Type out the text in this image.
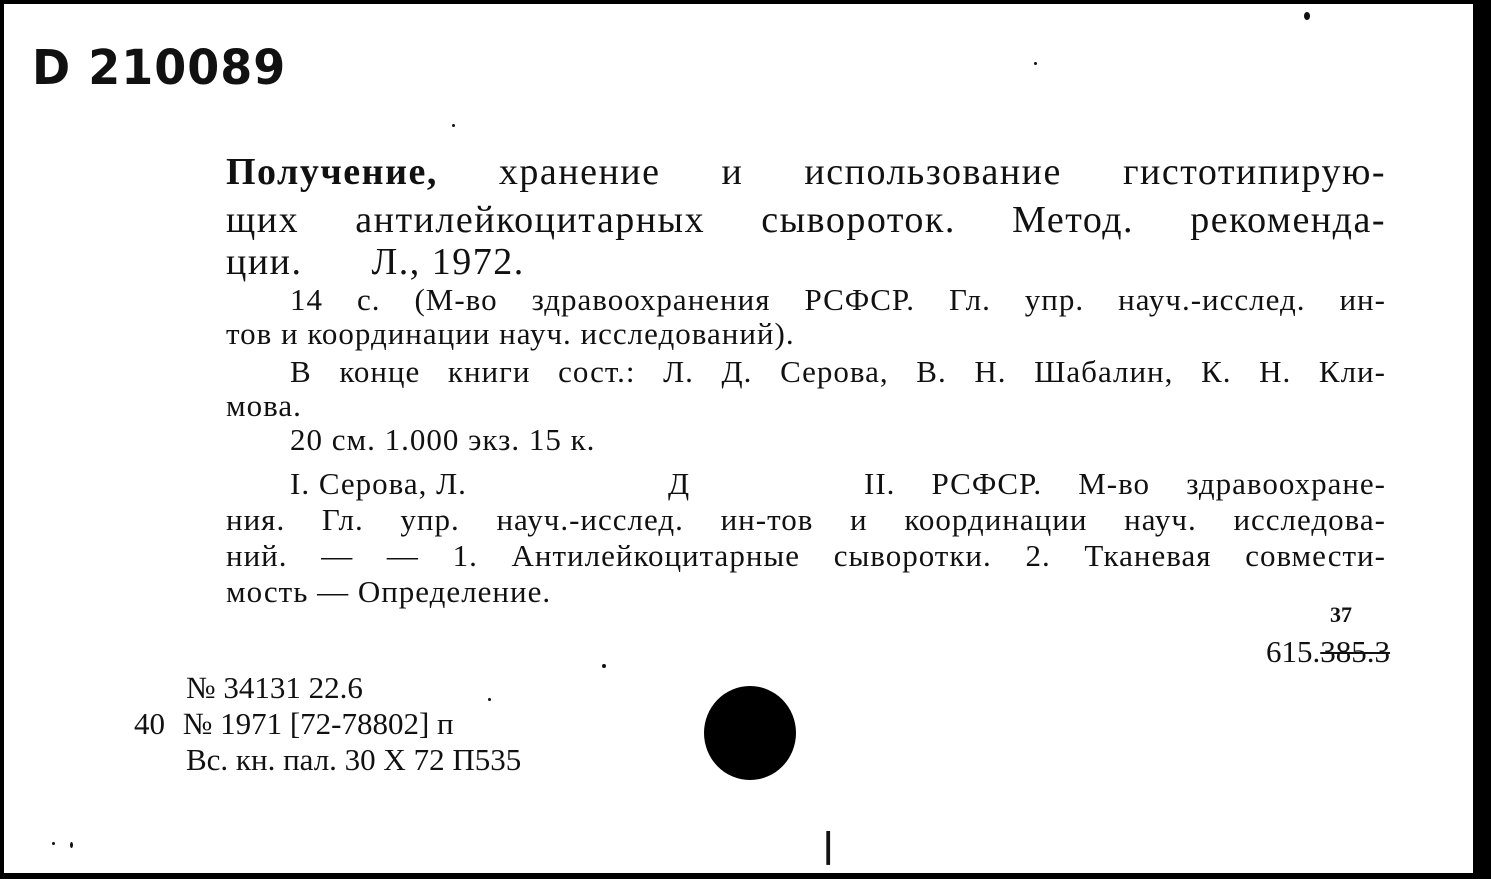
D 210089
Получение, хранение и использование гистотипирую-
щих антилейкоцитарных сывороток. Метод. рекоменда-
ции. Л., 1972.
14 с. (М-во здравоохранения РСФСР. Гл. упр. науч.-исслед. ин-
тов и координации науч. исследований).
В конце книги сост.: Л. Д. Серова, В. Н. Шабалин, К. Н. Кли-
мова.
20 см. 1.000 экз. 15 к.
I. Серова, Л.	Д	II. РСФСР. М-во здравоохране-
ния. Гл. упр. науч.-исслед. ин-тов и координации науч. исследова-
ний. — — 1. Антилейкоцитарные сыворотки. 2. Тканевая совмести-
мость — Определение.
615.385.3
37
№ 34131 22.6
40 № 1971 [72-78802] п
Вс. кн. пал. 30 X 72 П535
|
